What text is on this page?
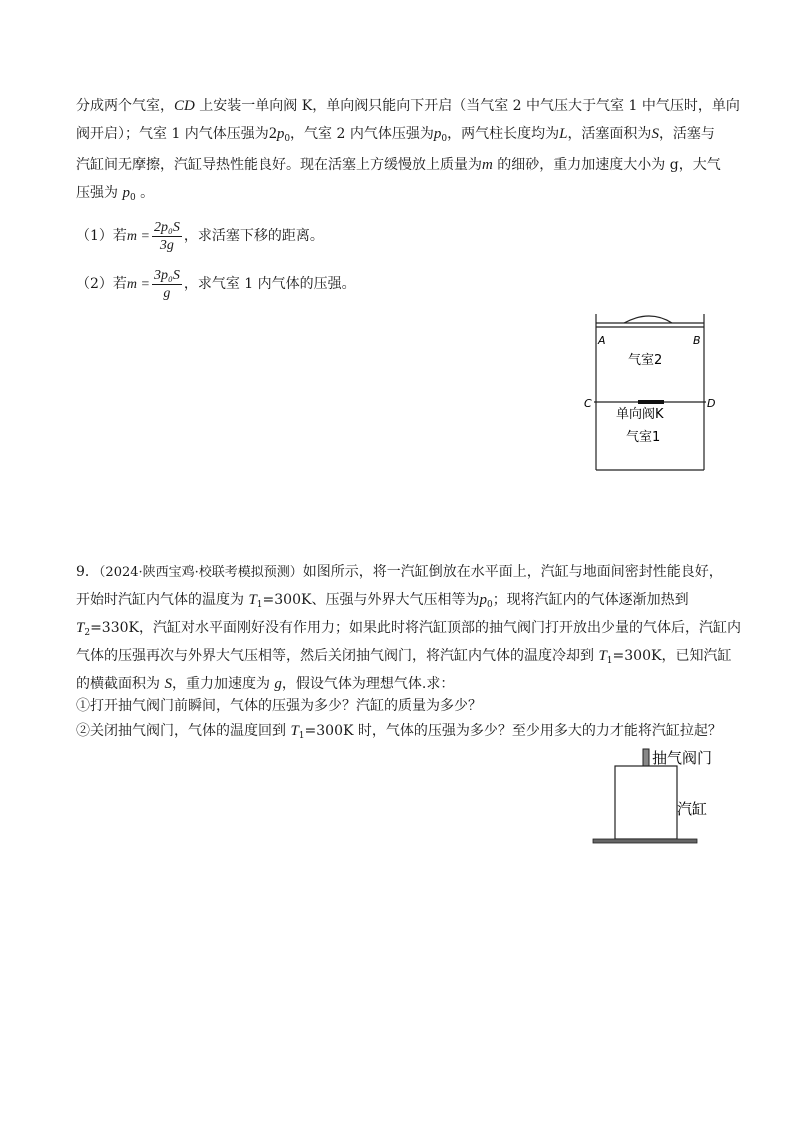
分成两个气室，CD 上安装一单向阀 K，单向阀只能向下开启（当气室 2 中气压大于气室 1 中气压时，单向
阀开启）；气室 1 内气体压强为$2p_0$，气室 2 内气体压强为$p_0$，两气柱长度均为L，活塞面积为S，活塞与
汽缸间无摩擦，汽缸导热性能良好。现在活塞上方缓慢放上质量为m 的细砂，重力加速度大小为 g，大气
压强为 $p_0$ 。
（1）若$m = \frac{\text{2p₀S}}{3g}$ ，求活塞下移的距离。
（2）若$m = \frac{\text{3p₀S}}{g}$ ，求气室 1 内气体的压强。
A	B
C	D
气室2
单向阀K
气室1
9．（2024·陕西宝鸡·校联考模拟预测）如图所示，将一汽缸倒放在水平面上，汽缸与地面间密封性能良好，
开始时汽缸内气体的温度为 $T_1=300K$、压强与外界大气压相等为$p_0$；现将汽缸内的气体逐渐加热到
$T_2=330K$，汽缸对水平面刚好没有作用力；如果此时将汽缸顶部的抽气阀门打开放出少量的气体后，汽缸内
气体的压强再次与外界大气压相等，然后关闭抽气阀门，将汽缸内气体的温度冷却到 $T_1=300K$，已知汽缸
的横截面积为 S，重力加速度为 g，假设气体为理想气体.求：
①打开抽气阀门前瞬间，气体的压强为多少？汽缸的质量为多少？
②关闭抽气阀门，气体的温度回到 $T_1=300K$ 时，气体的压强为多少？至少用多大的力才能将汽缸拉起？
抽气阀门
汽缸
